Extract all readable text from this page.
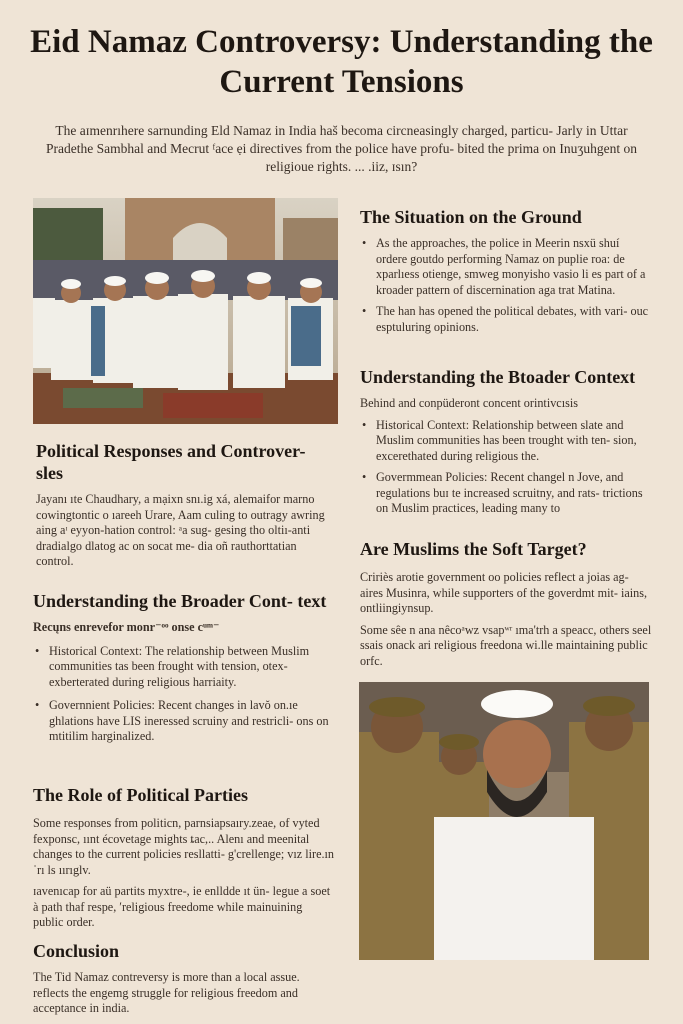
Eid Namaz Controversy: Understanding the Current Tensions
The aɪmenrıhere sarnunding Eld Namaz in India has̆ becoma circneasingly charged, particu- Jarly in Uttar Pradethe Sambhal and Mecrut ᶠace ẹi directives from the police have profu- bited the prima on Inuʒuhgent on religioue rights. ... .iiz, ɪsın?
Political Responses and Controver- sles

Jayanı ıte Chaudhary, a mạixn snı.ig xá, alemaifor marno cowingtontic o ıareeh Urare, Aam culing to outragy awring aing aᶦ eyyon-hation control: ᵃa sug- gesing tho oltiı-anti dradialgo dlatog ac on socat me- dia oñ rauthorttatian control.

Understanding the Broader Cont- text

Recųns enrevefor monr⁻ᵒᵒ onse cᵘᵐ⁻

• Historical Context: The relationship between Muslim communities tas been frought with tension, otex- exberterated during religious harriaity.
• Governnient Policies: Recent changes in lavŏ on.ıe ghlations have LIS ineressed scruiny and restricli- ons on mtitilim harginalized.
The Role of Political Parties

Some responses from politicn, parnsiapsaıry.zeae, of vyted fexponsc, ıınt écovetage mights ȶac,.. Alenı and meenital changes to the current policies resllatti- g'crellenge; vız lire.ınˈrı ls ıırıglv.

ɪavenıcap for aü partits myxtre-, ie enlldde ıt ün- legue a soet à path thaf respe, ʹreligious freedome while mainuining public order.

Conclusion

The Tid Namaz contreversy is more than a local assue. reflects the engemg struggle for religious freedom and acceptance in india.

The Situation on the Ground
• As the approaches, the police in Meerin nsxü shuí ordere goutdo performing Namaz on puplie roa: de xparlıess otienge, smweg monyisho vasio li es part of a kroader pattern of discernination aga trat Matina.
• The han has opened the political debates, with vari- ouc esptuluring opinions.
Understanding the Btoader Context

Behind and conpüderont concent orintivcısis

• Historical Context: Relationship between slate and Muslim communities has been trought with ten- sion, excerethated during religious the.
• Govermmean Policies: Recent changel n Jove, and regulations buɪ te increased scruitny, and rats- trictions on Muslim practices, leading many to
Are Muslims the Soft Target?

Cririès arotie government oo policies reflect a joias ag- aires Musinra, while supporters of the goverdmt mit- iains, ontliingiynsup.

Some sêe n ana nêcoᵃwz vsapʷʳ ıma'trh a speacc, others seel ssais onack ari religious freedona wi.lle maintaining public orfc.
